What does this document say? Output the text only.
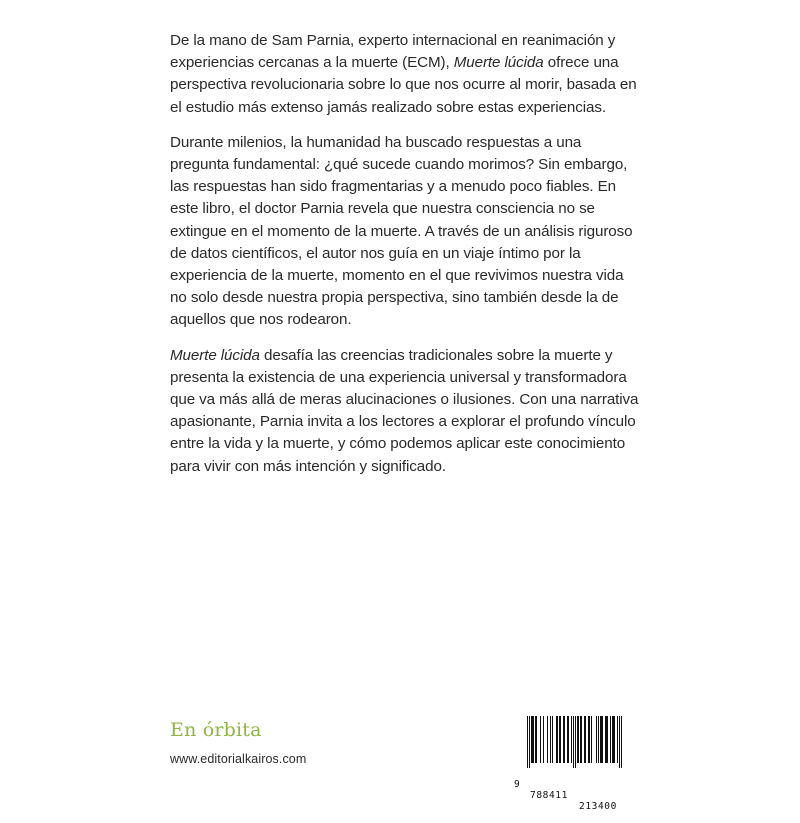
De la mano de Sam Parnia, experto internacional en reanimación y experiencias cercanas a la muerte (ECM), Muerte lúcida ofrece una perspectiva revolucionaria sobre lo que nos ocurre al morir, basada en el estudio más extenso jamás realizado sobre estas experiencias.

Durante milenios, la humanidad ha buscado respuestas a una pregunta fundamental: ¿qué sucede cuando morimos? Sin embargo, las respuestas han sido fragmentarias y a menudo poco fiables. En este libro, el doctor Parnia revela que nuestra consciencia no se extingue en el momento de la muerte. A través de un análisis riguroso de datos científicos, el autor nos guía en un viaje íntimo por la experiencia de la muerte, momento en el que revivimos nuestra vida no solo desde nuestra propia perspectiva, sino también desde la de aquellos que nos rodearon.

Muerte lúcida desafía las creencias tradicionales sobre la muerte y presenta la existencia de una experiencia universal y transformadora que va más allá de meras alucinaciones o ilusiones. Con una narrativa apasionante, Parnia invita a los lectores a explorar el profundo vínculo entre la vida y la muerte, y cómo podemos aplicar este conocimiento para vivir con más intención y significado.

En órbita
www.editorialkairos.com

9

788411

213400
